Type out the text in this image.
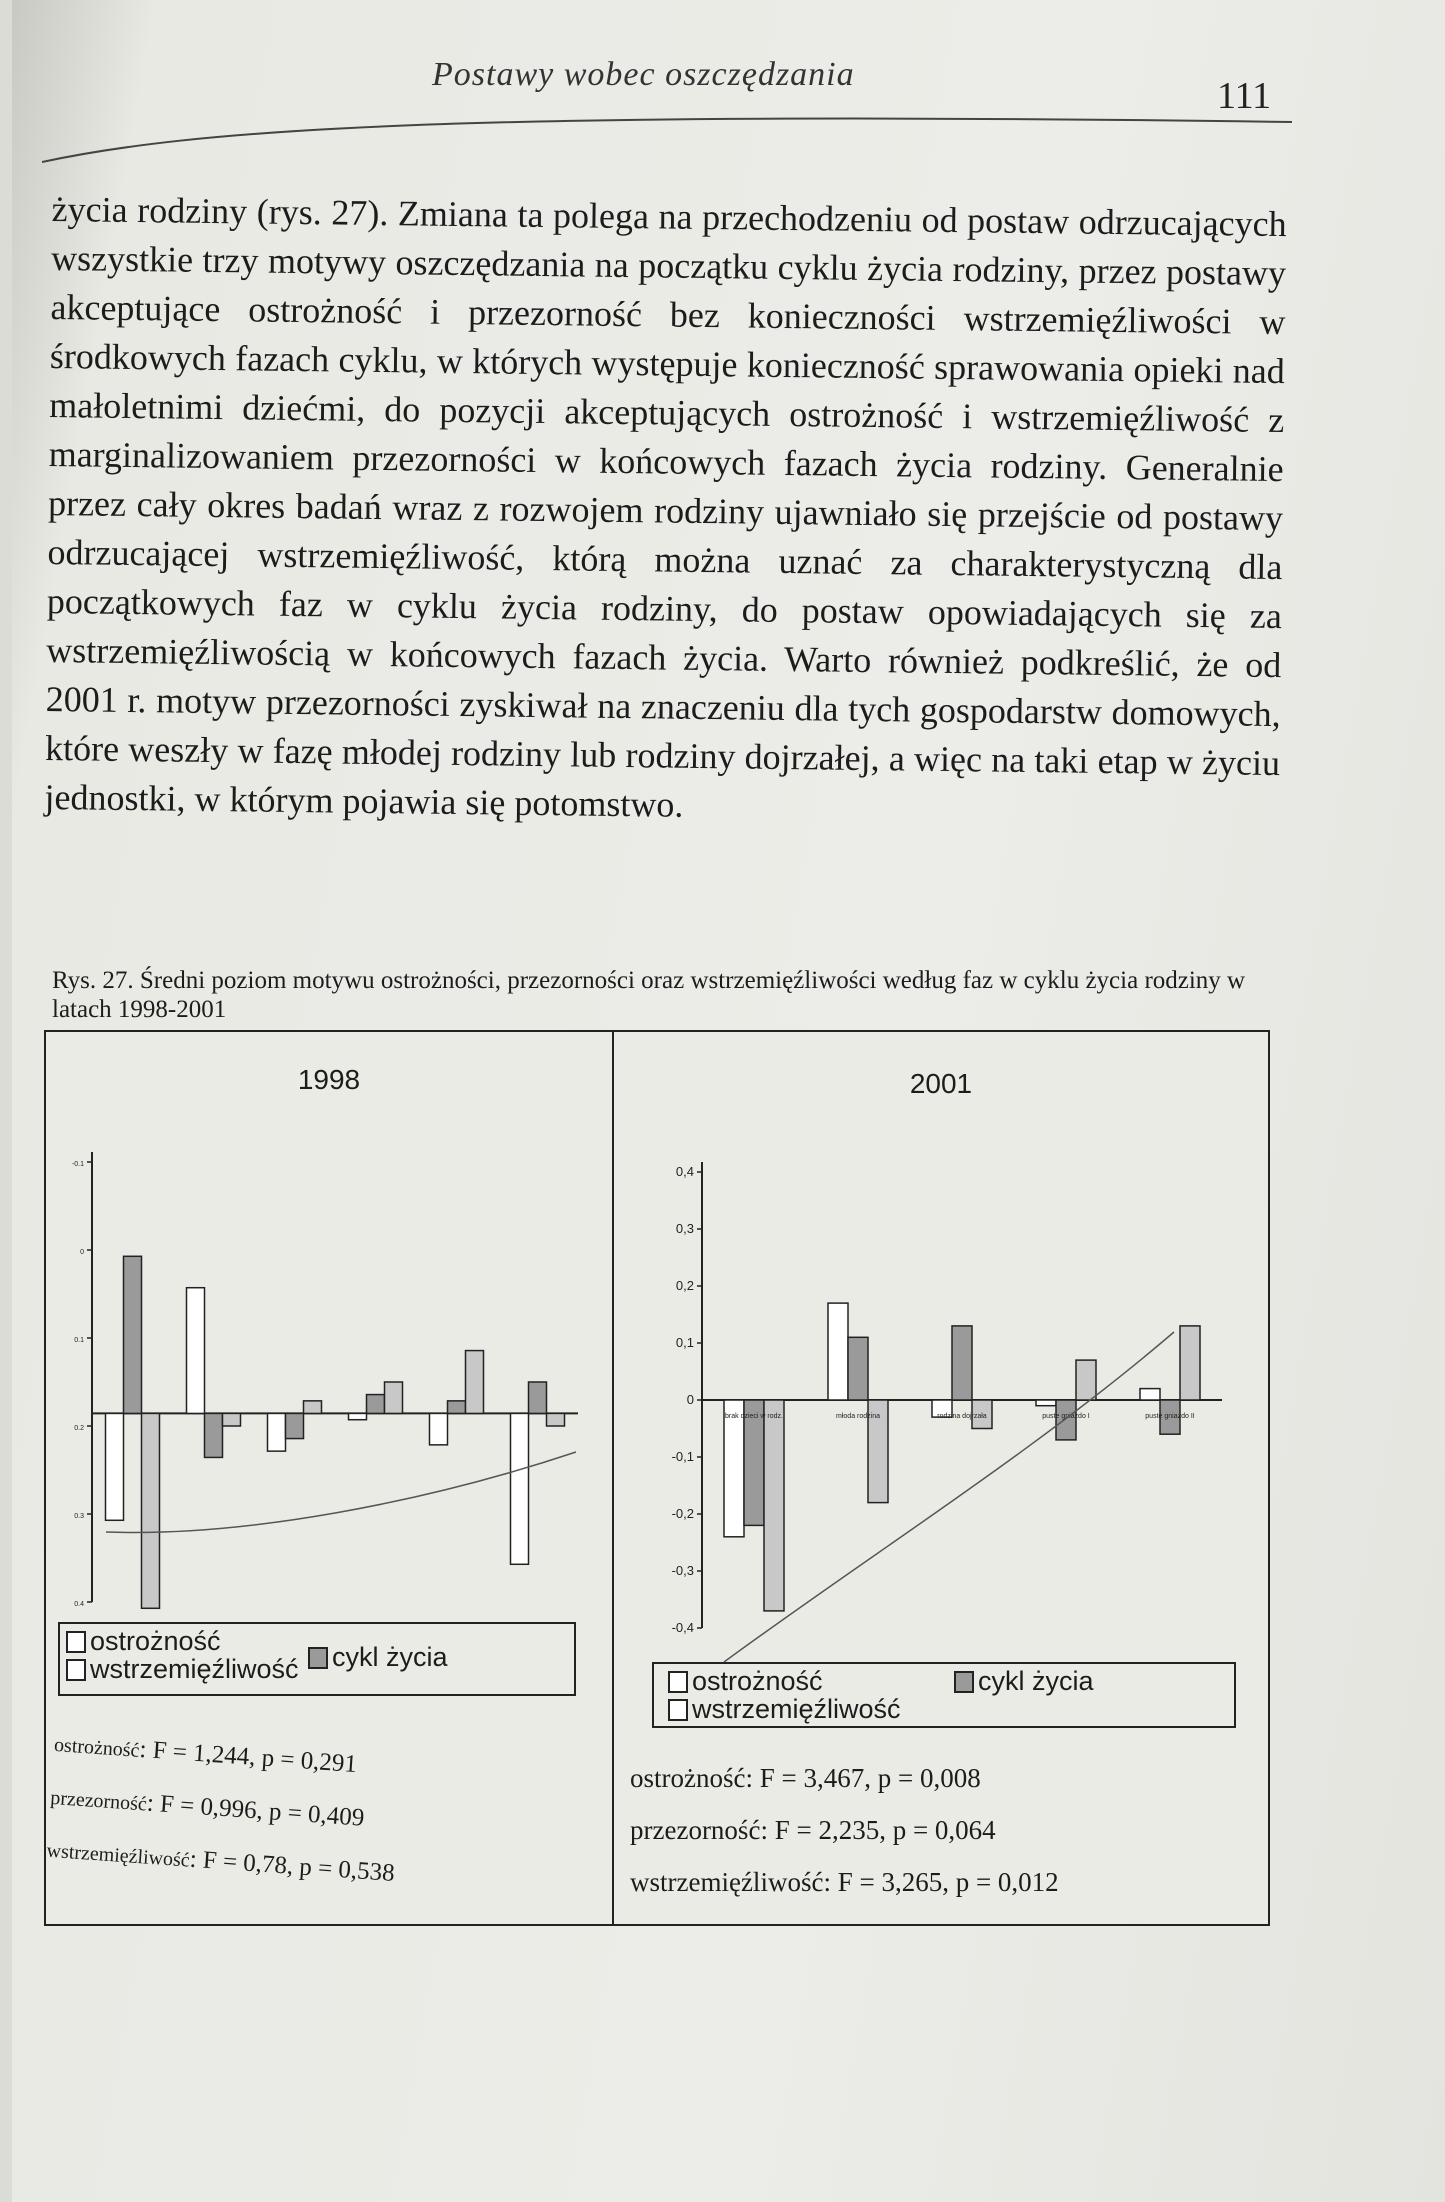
Postawy wobec oszczędzania
111

życia rodziny (rys. 27). Zmiana ta polega na przechodzeniu od postaw odrzucających wszystkie trzy motywy oszczędzania na początku cyklu życia rodziny, przez postawy akceptujące ostrożność i przezorność bez konieczności wstrzemięźliwości w środkowych fazach cyklu, w których występuje konieczność sprawowania opieki nad małoletnimi dziećmi, do pozycji akceptujących ostrożność i wstrzemięźliwość z marginalizowaniem przezorności w końcowych fazach życia rodziny. Generalnie przez cały okres badań wraz z rozwojem rodziny ujawniało się przejście od postawy odrzucającej wstrzemięźliwość, którą można uznać za charakterystyczną dla początkowych faz w cyklu życia rodziny, do postaw opowiadających się za wstrzemięźliwością w końcowych fazach życia. Warto również podkreślić, że od 2001 r. motyw przezorności zyskiwał na znaczeniu dla tych gospodarstw domowych, które weszły w fazę młodej rodziny lub rodziny dojrzałej, a więc na taki etap w życiu jednostki, w którym pojawia się potomstwo.

Rys. 27. Średni poziom motywu ostrożności, przezorności oraz wstrzemięźliwości według faz w cyklu życia rodziny w latach 1998-2001
1998
-0.1
0
0.1
0.2
0.3
0.4
ostrożność
wstrzemięźliwość cykl życia
2001
0,4
0,3
0,2
0,1
0
-0,1
-0,2
-0,3
-0,4
brak dzieci w rodz.	młoda rodzina	rodzina dojrzała	puste gniazdo I	puste gniazdo II
ostrożność
wstrzemięźliwość
cykl życia
ostrożność: F = 1,244, p = 0,291
przezorność: F = 0,996, p = 0,409
wstrzemięźliwość: F = 0,78, p = 0,538
ostrożność: F = 3,467, p = 0,008
przezorność: F = 2,235, p = 0,064
wstrzemięźliwość: F = 3,265, p = 0,012
